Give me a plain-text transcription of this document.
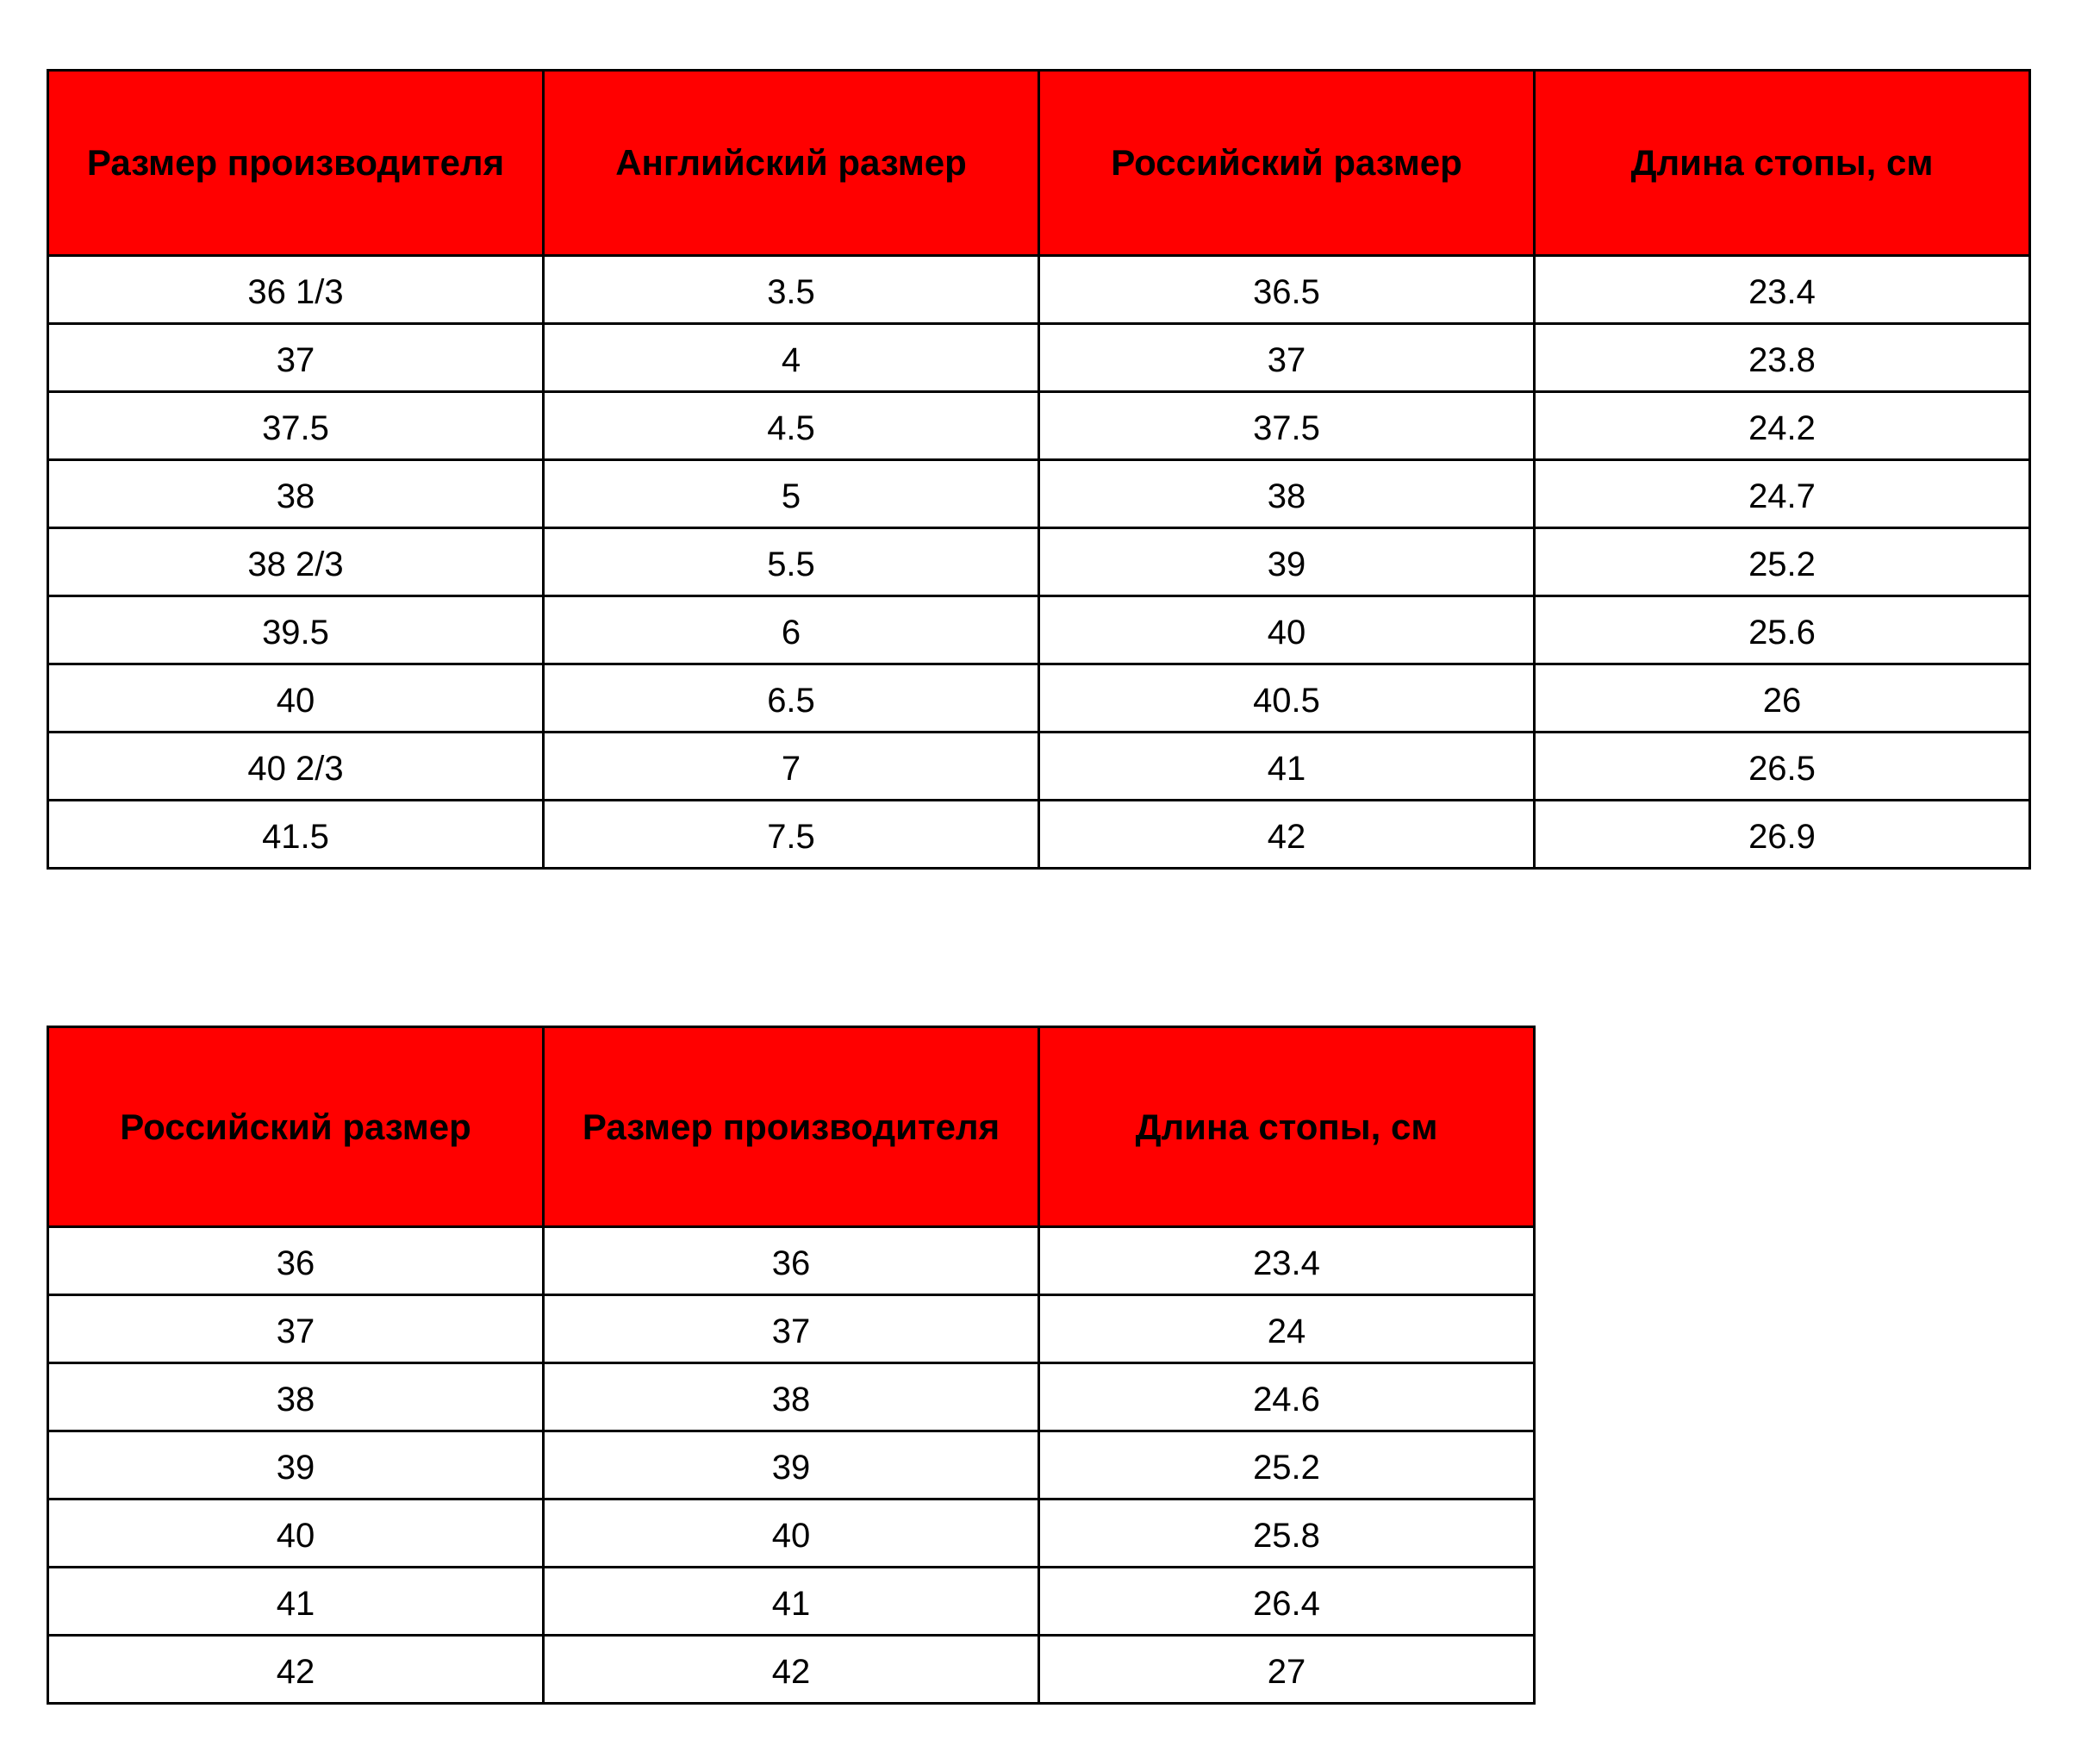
Размер производителя	Английский размер	Российский размер	Длина стопы, см
36 1/3	3.5	36.5	23.4
37	4	37	23.8
37.5	4.5	37.5	24.2
38	5	38	24.7
38 2/3	5.5	39	25.2
39.5	6	40	25.6
40	6.5	40.5	26
40 2/3	7	41	26.5
41.5	7.5	42	26.9
Российский размер	Размер производителя	Длина стопы, см
36	36	23.4
37	37	24
38	38	24.6
39	39	25.2
40	40	25.8
41	41	26.4
42	42	27
